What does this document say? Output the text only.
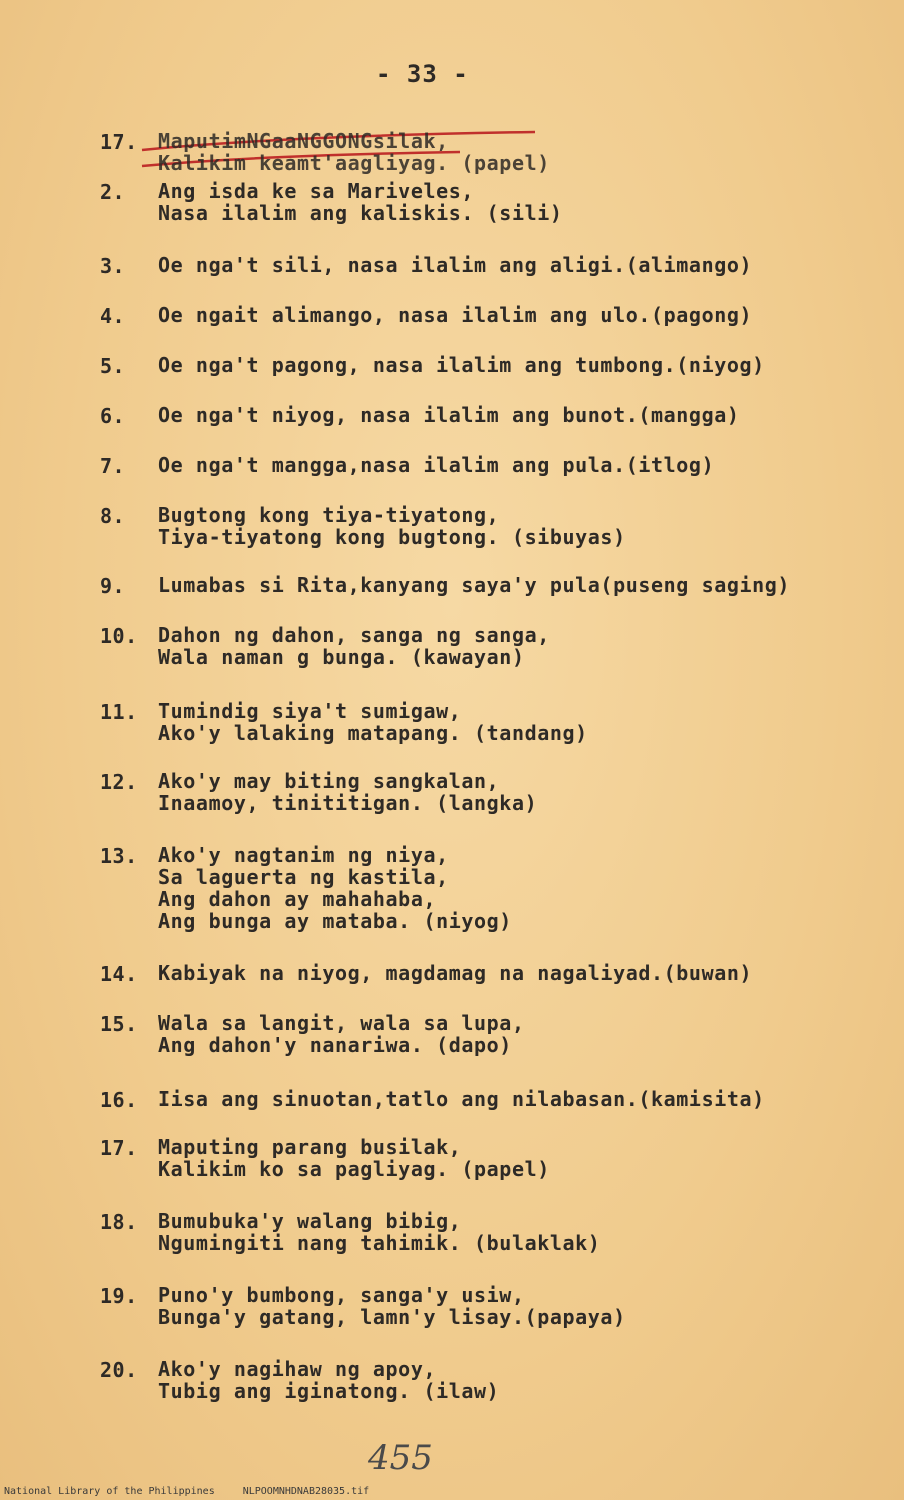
- 33 -
17.	MaputimNGaaNGGONGsilak,
Kalikim keamt'aagliyag. (papel)
2.	Ang isda ke sa Mariveles,
Nasa ilalim ang kaliskis. (sili)
3.	Oe nga't sili, nasa ilalim ang aligi.(alimango)
4.	Oe ngait alimango, nasa ilalim ang ulo.(pagong)
5.	Oe nga't pagong, nasa ilalim ang tumbong.(niyog)
6.	Oe nga't niyog, nasa ilalim ang bunot.(mangga)
7.	Oe nga't mangga,nasa ilalim ang pula.(itlog)
8.	Bugtong kong tiya-tiyatong,
Tiya-tiyatong kong bugtong. (sibuyas)
9.	Lumabas si Rita,kanyang saya'y pula(puseng saging)
10.	Dahon ng dahon, sanga ng sanga,
Wala naman g bunga. (kawayan)
11.	Tumindig siya't sumigaw,
Ako'y lalaking matapang. (tandang)
12.	Ako'y may biting sangkalan,
Inaamoy, tinititigan. (langka)
13.	Ako'y nagtanim ng niya,
Sa laguerta ng kastila,
Ang dahon ay mahahaba,
Ang bunga ay mataba. (niyog)
14.	Kabiyak na niyog, magdamag na nagaliyad.(buwan)
15.	Wala sa langit, wala sa lupa,
Ang dahon'y nanariwa. (dapo)
16.	Iisa ang sinuotan,tatlo ang nilabasan.(kamisita)
17.	Maputing parang busilak,
Kalikim ko sa pagliyag. (papel)
18.	Bumubuka'y walang bibig,
Ngumingiti nang tahimik. (bulaklak)
19.	Puno'y bumbong, sanga'y usiw,
Bunga'y gatang, lamn'y lisay.(papaya)
20.	Ako'y nagihaw ng apoy,
Tubig ang iginatong. (ilaw)
455
National Library of the Philippines	NLPOOMNHDNAB28035.tif
